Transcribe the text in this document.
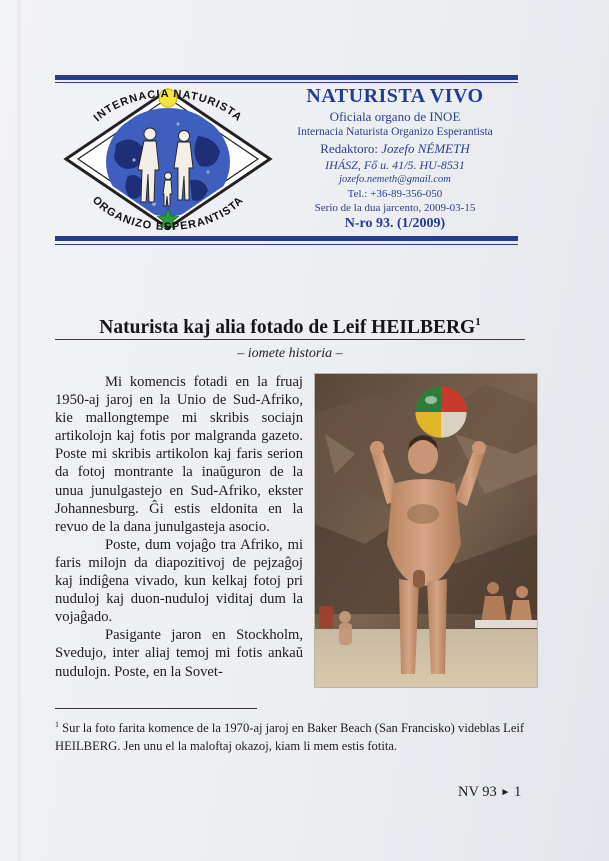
INTERNACIA NATURISTA
ORGANIZO ESPERANTISTA
NATURISTA VIVO
Oficiala organo de INOE
Internacia Naturista Organizo Esperantista
Redaktoro: Jozefo NÉMETH
IHÁSZ, Fő u. 41/5. HU-8531
jozefo.nemeth@gmail.com
Tel.: +36-89-356-050
Serio de la dua jarcento, 2009-03-15
N-ro 93. (1/2009)
Naturista kaj alia fotado de Leif HEILBERG$^1$
– iomete historia –

Mi komencis fotadi en la fruaj 1950-aj jaroj en la Unio de Sud-Afriko, kie mallongtempe mi skribis sociajn artikolojn kaj fotis por malgranda gazeto. Poste mi skribis artikolon kaj faris serion da fotoj montrante la inaŭguron de la unua junulgastejo en Sud-Afriko, ekster Johannesburg. Ĝi estis eldonita en la revuo de la dana junulgasteja asocio.

Poste, dum vojaĝo tra Afriko, mi faris milojn da diapozitivoj de pejzaĝoj kaj indiĝena vivado, kun kelkaj fotoj pri nuduloj kaj duon-nuduloj viditaj dum la vojaĝado.

Pasigante jaron en Stockholm, Svedujo, inter aliaj temoj mi fotis ankaŭ nudulojn. Poste, en la Sovet-

$^1$ Sur la foto farita komence de la 1970-aj jaroj en Baker Beach (San Francisko) videblas Leif HEILBERG. Jen unu el la maloftaj okazoj, kiam li mem estis fotita.
NV 93 ► 1
